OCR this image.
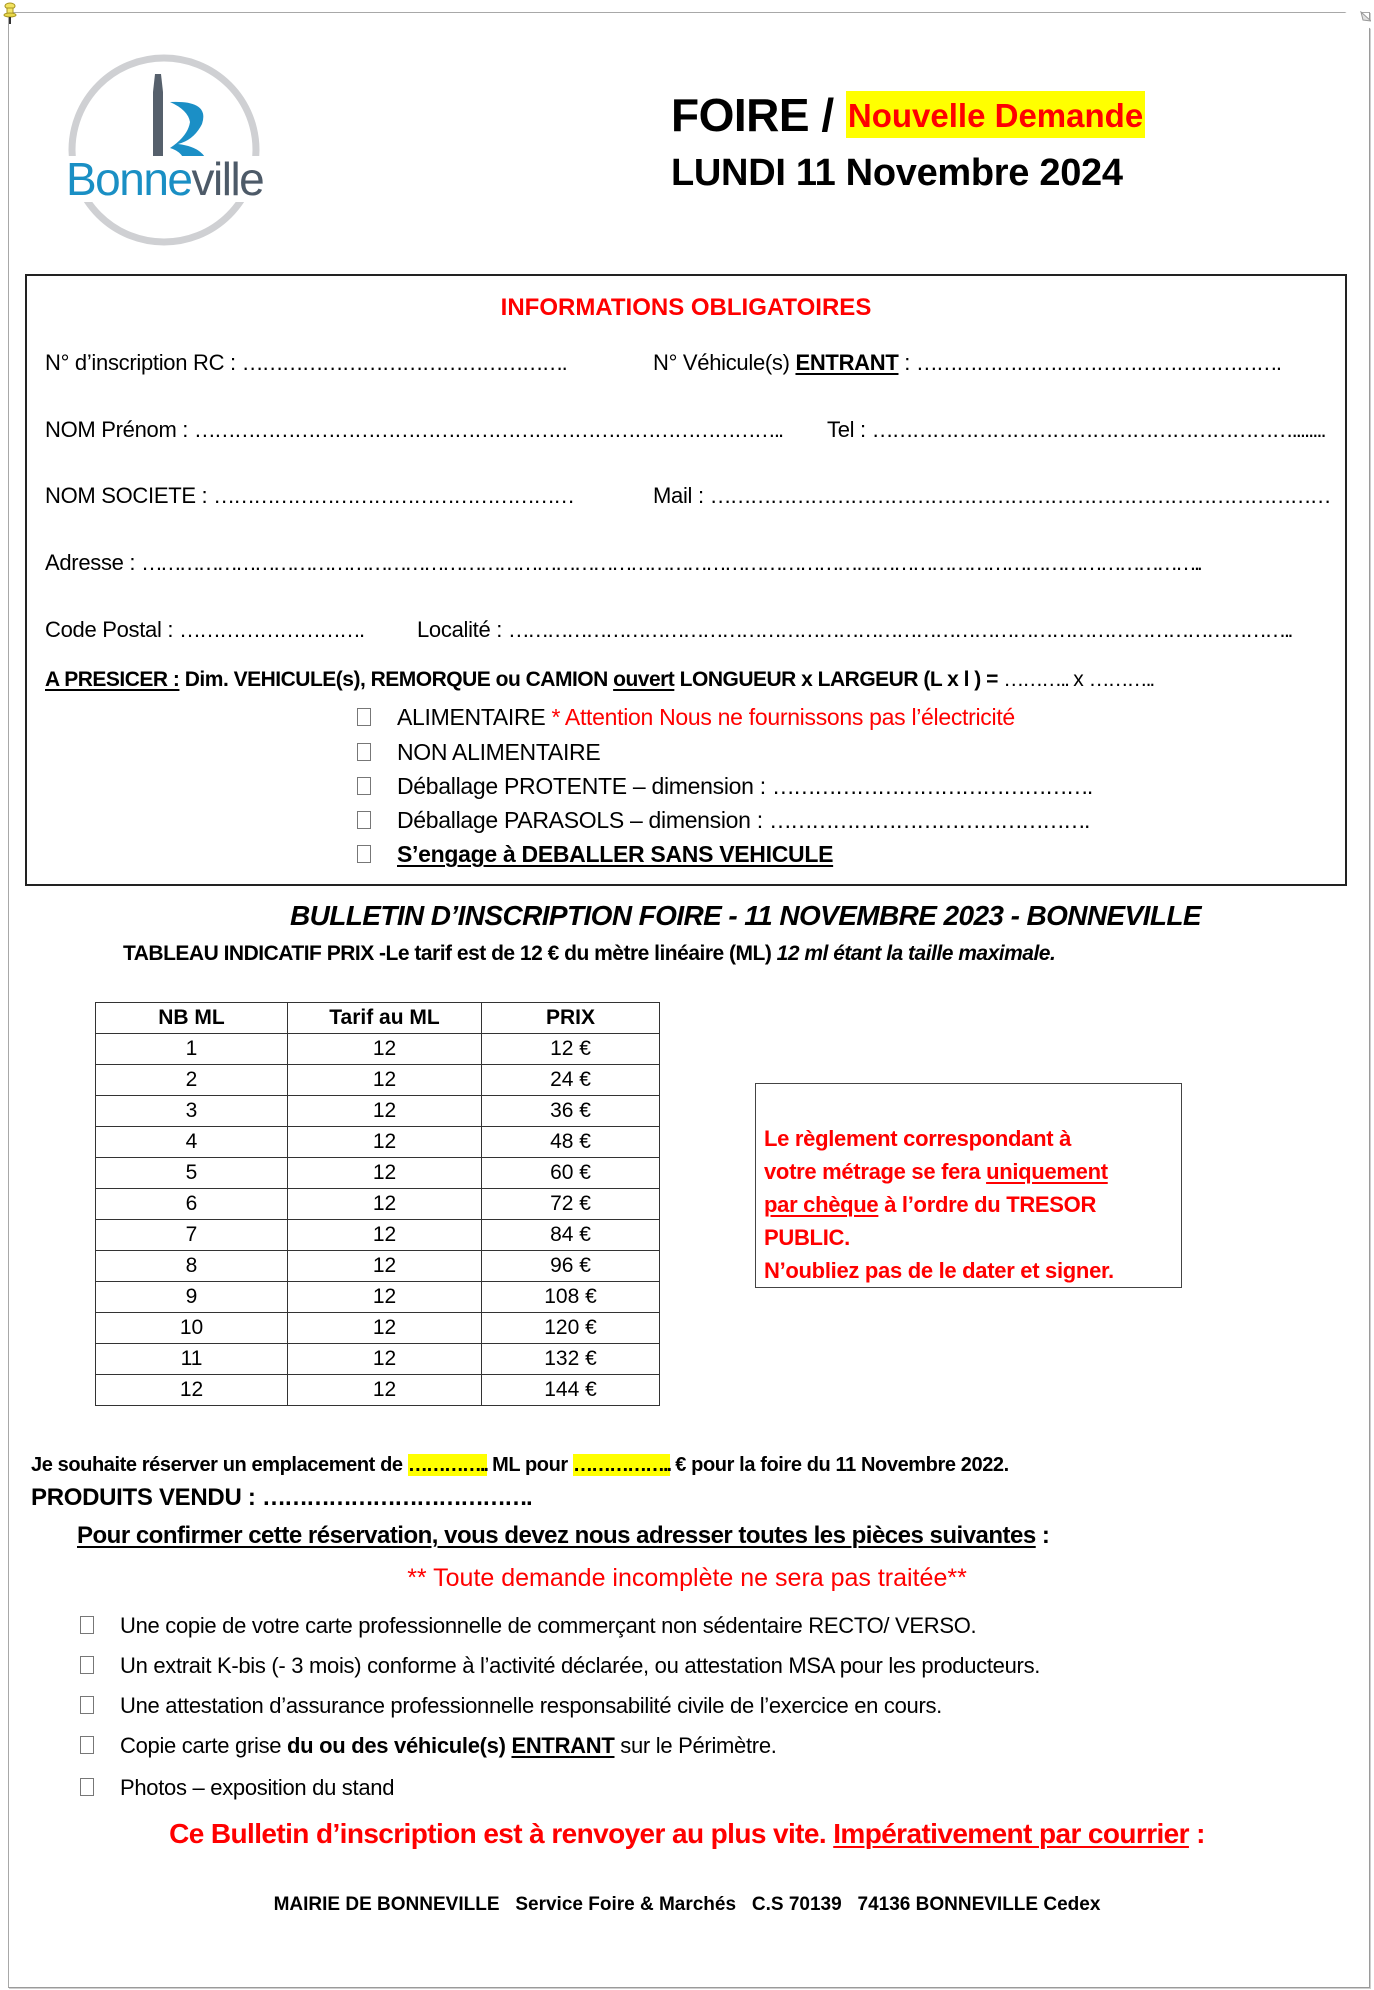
Bonneville
FOIRE / Nouvelle Demande
LUNDI 11 Novembre 2024
INFORMATIONS OBLIGATOIRES
N° d’inscription RC : ………………………………………….	N° Véhicule(s) ENTRANT : ……………………………………………….
NOM Prénom : …………………………………………………………………………….. Tel : ………………………………………………………........
NOM SOCIETE : ………………………………………………	Mail : …………………………………………………………………………………
Adresse : ……………………………………………………………………………………………………………………………………………………..
Code Postal : ………………………. Localité : …………………………………………………………………………………………………………..
A PRESICER : Dim. VEHICULE(s), REMORQUE ou CAMION ouvert LONGUEUR x LARGEUR (L x l ) = ……….. x ………..
ALIMENTAIRE * Attention Nous ne fournissons pas l’électricité
NON ALIMENTAIRE
Déballage PROTENTE – dimension : ……………………………………….
Déballage PARASOLS – dimension : ……………………………………….
S’engage à DEBALLER SANS VEHICULE
BULLETIN D’INSCRIPTION FOIRE - 11 NOVEMBRE 2023 - BONNEVILLE
TABLEAU INDICATIF PRIX -Le tarif est de 12 € du mètre linéaire (ML) 12 ml étant la taille maximale.
NB ML	Tarif au ML	PRIX
1	12	12 €
2	12	24 €
3	12	36 €
4	12	48 €
5	12	60 €
6	12	72 €
7	12	84 €
8	12	96 €
9	12	108 €
10	12	120 €
11	12	132 €
12	12	144 €
Le règlement correspondant à
votre métrage se fera uniquement
par chèque à l’ordre du TRESOR
PUBLIC.
N’oubliez pas de le dater et signer.
Je souhaite réserver un emplacement de ………….. ML pour …………….. € pour la foire du 11 Novembre 2022.
PRODUITS VENDU : ……………………………….
Pour confirmer cette réservation, vous devez nous adresser toutes les pièces suivantes :
** Toute demande incomplète ne sera pas traitée**
Une copie de votre carte professionnelle de commerçant non sédentaire RECTO/ VERSO.
Un extrait K-bis (- 3 mois) conforme à l’activité déclarée, ou attestation MSA pour les producteurs.
Une attestation d’assurance professionnelle responsabilité civile de l’exercice en cours.
Copie carte grise du ou des véhicule(s) ENTRANT sur le Périmètre.
Photos – exposition du stand
Ce Bulletin d’inscription est à renvoyer au plus vite. Impérativement par courrier :
MAIRIE DE BONNEVILLE   Service Foire & Marchés   C.S 70139   74136 BONNEVILLE Cedex
